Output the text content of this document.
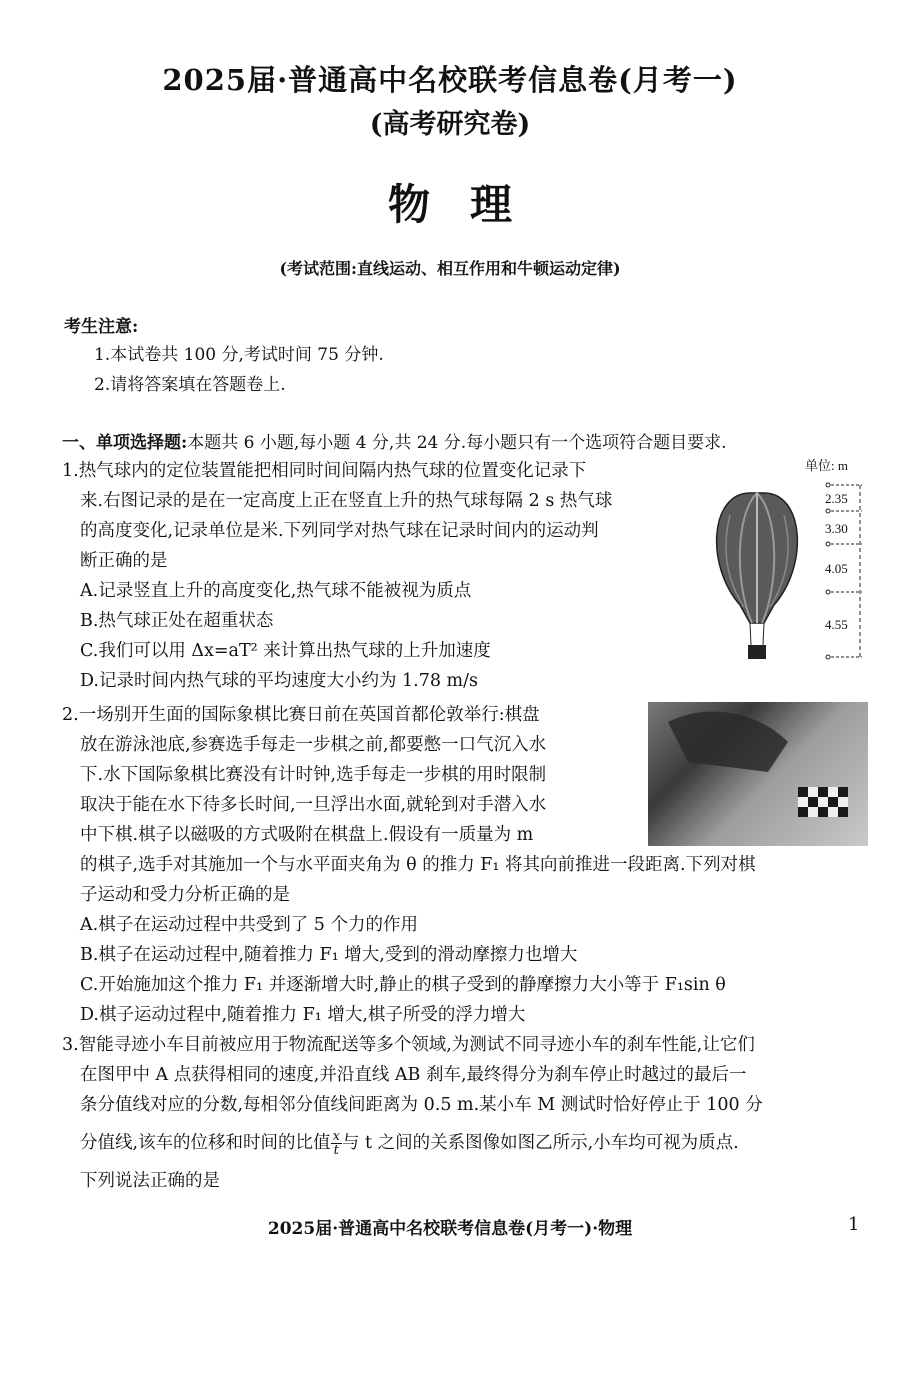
2025届·普通高中名校联考信息卷(月考一)
(高考研究卷)
物理
(考试范围:直线运动、相互作用和牛顿运动定律)
考生注意:
1.本试卷共 100 分,考试时间 75 分钟.
2.请将答案填在答题卷上.
一、单项选择题:本题共 6 小题,每小题 4 分,共 24 分.每小题只有一个选项符合题目要求.
1.热气球内的定位装置能把相同时间间隔内热气球的位置变化记录下
来.右图记录的是在一定高度上正在竖直上升的热气球每隔 2 s 热气球
的高度变化,记录单位是米.下列同学对热气球在记录时间内的运动判
断正确的是
A.记录竖直上升的高度变化,热气球不能被视为质点
B.热气球正处在超重状态
C.我们可以用 Δx=aT² 来计算出热气球的上升加速度
D.记录时间内热气球的平均速度大小约为 1.78 m/s
单位: m
2.35
3.30
4.05
4.55
2.一场别开生面的国际象棋比赛日前在英国首都伦敦举行:棋盘
放在游泳池底,参赛选手每走一步棋之前,都要憋一口气沉入水
下.水下国际象棋比赛没有计时钟,选手每走一步棋的用时限制
取决于能在水下待多长时间,一旦浮出水面,就轮到对手潜入水
中下棋.棋子以磁吸的方式吸附在棋盘上.假设有一质量为 m
的棋子,选手对其施加一个与水平面夹角为 θ 的推力 F₁ 将其向前推进一段距离.下列对棋
子运动和受力分析正确的是
A.棋子在运动过程中共受到了 5 个力的作用
B.棋子在运动过程中,随着推力 F₁ 增大,受到的滑动摩擦力也增大
C.开始施加这个推力 F₁ 并逐渐增大时,静止的棋子受到的静摩擦力大小等于 F₁sin θ
D.棋子运动过程中,随着推力 F₁ 增大,棋子所受的浮力增大
3.智能寻迹小车目前被应用于物流配送等多个领域,为测试不同寻迹小车的刹车性能,让它们
在图甲中 A 点获得相同的速度,并沿直线 AB 刹车,最终得分为刹车停止时越过的最后一
条分值线对应的分数,每相邻分值线间距离为 0.5 m.某小车 M 测试时恰好停止于 100 分
分值线,该车的位移和时间的比值 $\frac{x}{t}$ 与 t 之间的关系图像如图乙所示,小车均可视为质点.
下列说法正确的是
2025届·普通高中名校联考信息卷(月考一)·物理	1
